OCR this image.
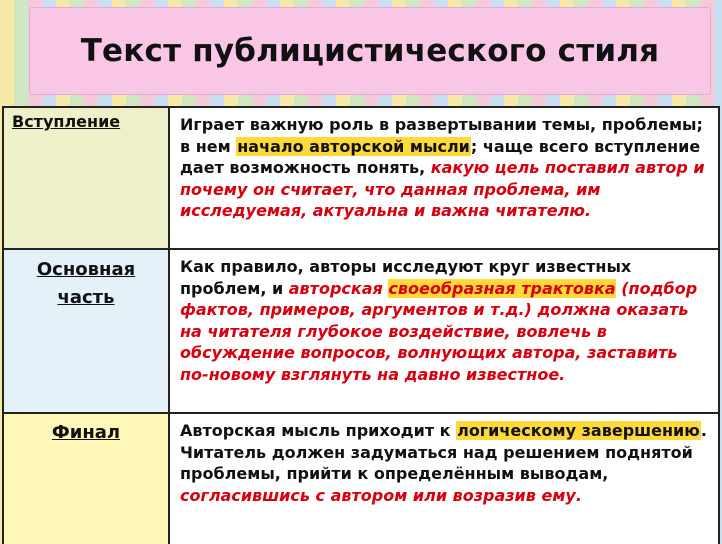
Текст публицистического стиля
Вступление	Играет важную роль в развертывании темы, проблемы; в нем начало авторской мысли; чаще всего вступление дает возможность понять, какую цель поставил автор и почему он считает, что данная проблема, им исследуемая, актуальна и важна читателю.
Основная
часть
Как правило, авторы исследуют круг известных проблем, и авторская своеобразная трактовка (подбор фактов, примеров, аргументов и т.д.) должна оказать на читателя глубокое воздействие, вовлечь в обсуждение вопросов, волнующих автора, заставить по-новому взглянуть на давно известное.
Финал	Авторская мысль приходит к логическому завершению. Читатель должен задуматься над решением поднятой проблемы, прийти к определённым выводам, согласившись с автором или возразив ему.
